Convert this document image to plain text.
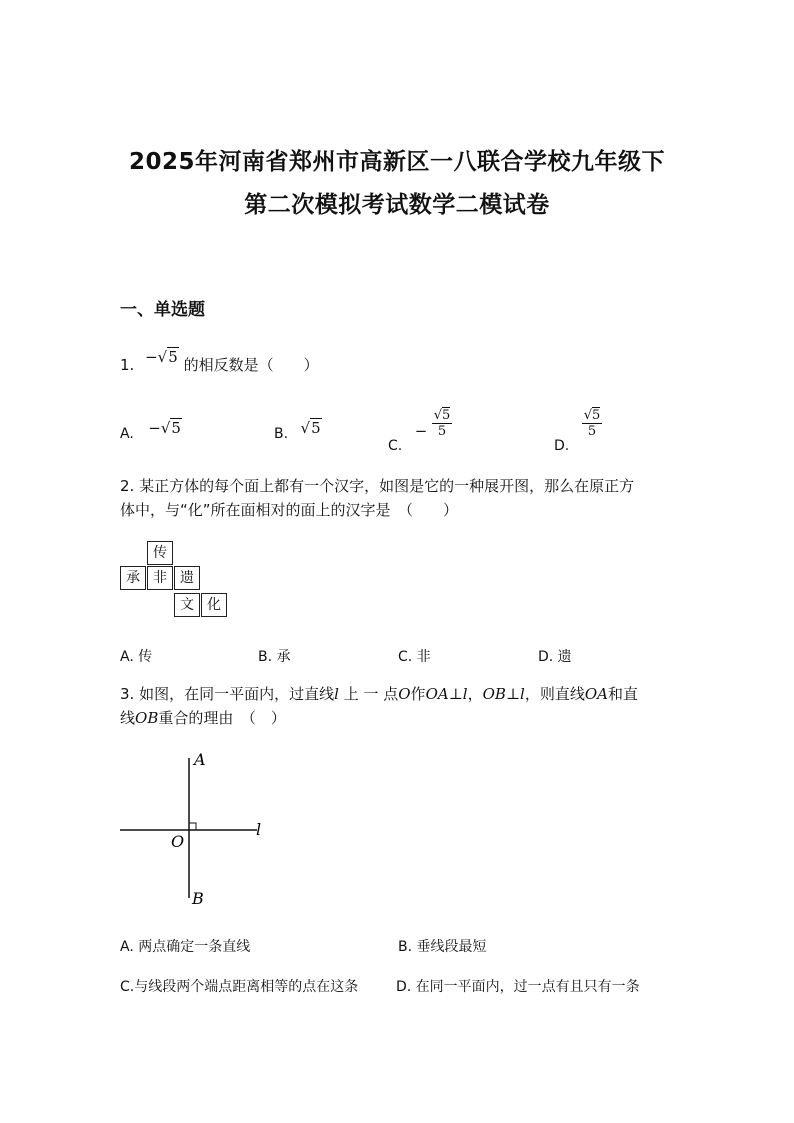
2025年河南省郑州市高新区一八联合学校九年级下
第二次模拟考试数学二模试卷
一、单选题
1. −√5 的相反数是（　　）
A. −√5	B. √5
C. − $\frac{√5}{5}$
D.
$\frac{√5}{5}$
2. 某正方体的每个面上都有一个汉字，如图是它的一种展开图，那么在原正方
体中，与“化”所在面相对的面上的汉字是　（　　）
传
承 非 遗
文 化
A. 传	B. 承	C. 非	D. 遗
3. 如图，在同一平面内，过直线l 上 一 点O作OA⊥l，OB⊥l，则直线OA和直
线OB重合的理由　（　）
A
O
l
B
A. 两点确定一条直线	B. 垂线段最短
C.与线段两个端点距离相等的点在这条	D. 在同一平面内，过一点有且只有一条
